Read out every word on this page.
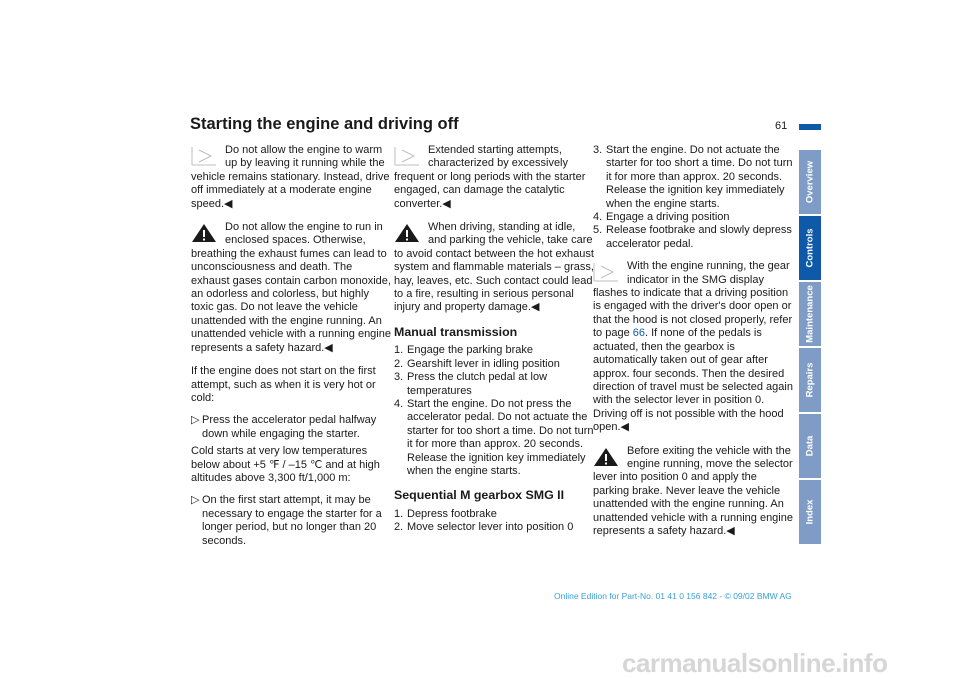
Starting the engine and driving off	61
Do not allow the engine to warm up by leaving it running while the vehicle remains stationary. Instead, drive off immediately at a moderate engine speed.◀
Do not allow the engine to run in enclosed spaces. Otherwise, breathing the exhaust fumes can lead to unconsciousness and death. The exhaust gases contain carbon monoxide, an odorless and colorless, but highly toxic gas. Do not leave the vehicle unattended with the engine running. An unattended vehicle with a running engine represents a safety hazard.◀

If the engine does not start on the first attempt, such as when it is very hot or cold:

▷ Press the accelerator pedal halfway down while engaging the starter.

Cold starts at very low temperatures below about +5 ℉ / –15 ℃ and at high altitudes above 3,300 ft/1,000 m:

▷ On the first start attempt, it may be necessary to engage the starter for a longer period, but no longer than 20 seconds.
Extended starting attempts, characterized by excessively frequent or long periods with the starter engaged, can damage the catalytic converter.◀
When driving, standing at idle, and parking the vehicle, take care to avoid contact between the hot exhaust system and flammable materials – grass, hay, leaves, etc. Such contact could lead to a fire, resulting in serious personal injury and property damage.◀
Manual transmission
1. Engage the parking brake
2. Gearshift lever in idling position
3. Press the clutch pedal at low temperatures
4. Start the engine. Do not press the accelerator pedal. Do not actuate the starter for too short a time. Do not turn it for more than approx. 20 seconds. Release the ignition key immediately when the engine starts.
Sequential M gearbox SMG II
1. Depress footbrake
2. Move selector lever into position 0
3. Start the engine. Do not actuate the starter for too short a time. Do not turn it for more than approx. 20 seconds. Release the ignition key immediately when the engine starts.
4. Engage a driving position
5. Release footbrake and slowly depress accelerator pedal.
With the engine running, the gear indicator in the SMG display flashes to indicate that a driving position is engaged with the driver's door open or that the hood is not closed properly, refer to page 66. If none of the pedals is actuated, then the gearbox is automatically taken out of gear after approx. four seconds. Then the desired direction of travel must be selected again with the selector lever in position 0. Driving off is not possible with the hood open.◀
Before exiting the vehicle with the engine running, move the selector lever into position 0 and apply the parking brake. Never leave the vehicle unattended with the engine running. An unattended vehicle with a running engine represents a safety hazard.◀
Overview
Controls
Maintenance
Repairs
Data
Index
Online Edition for Part-No. 01 41 0 156 842 - © 09/02 BMW AG
carmanualsonline.info
